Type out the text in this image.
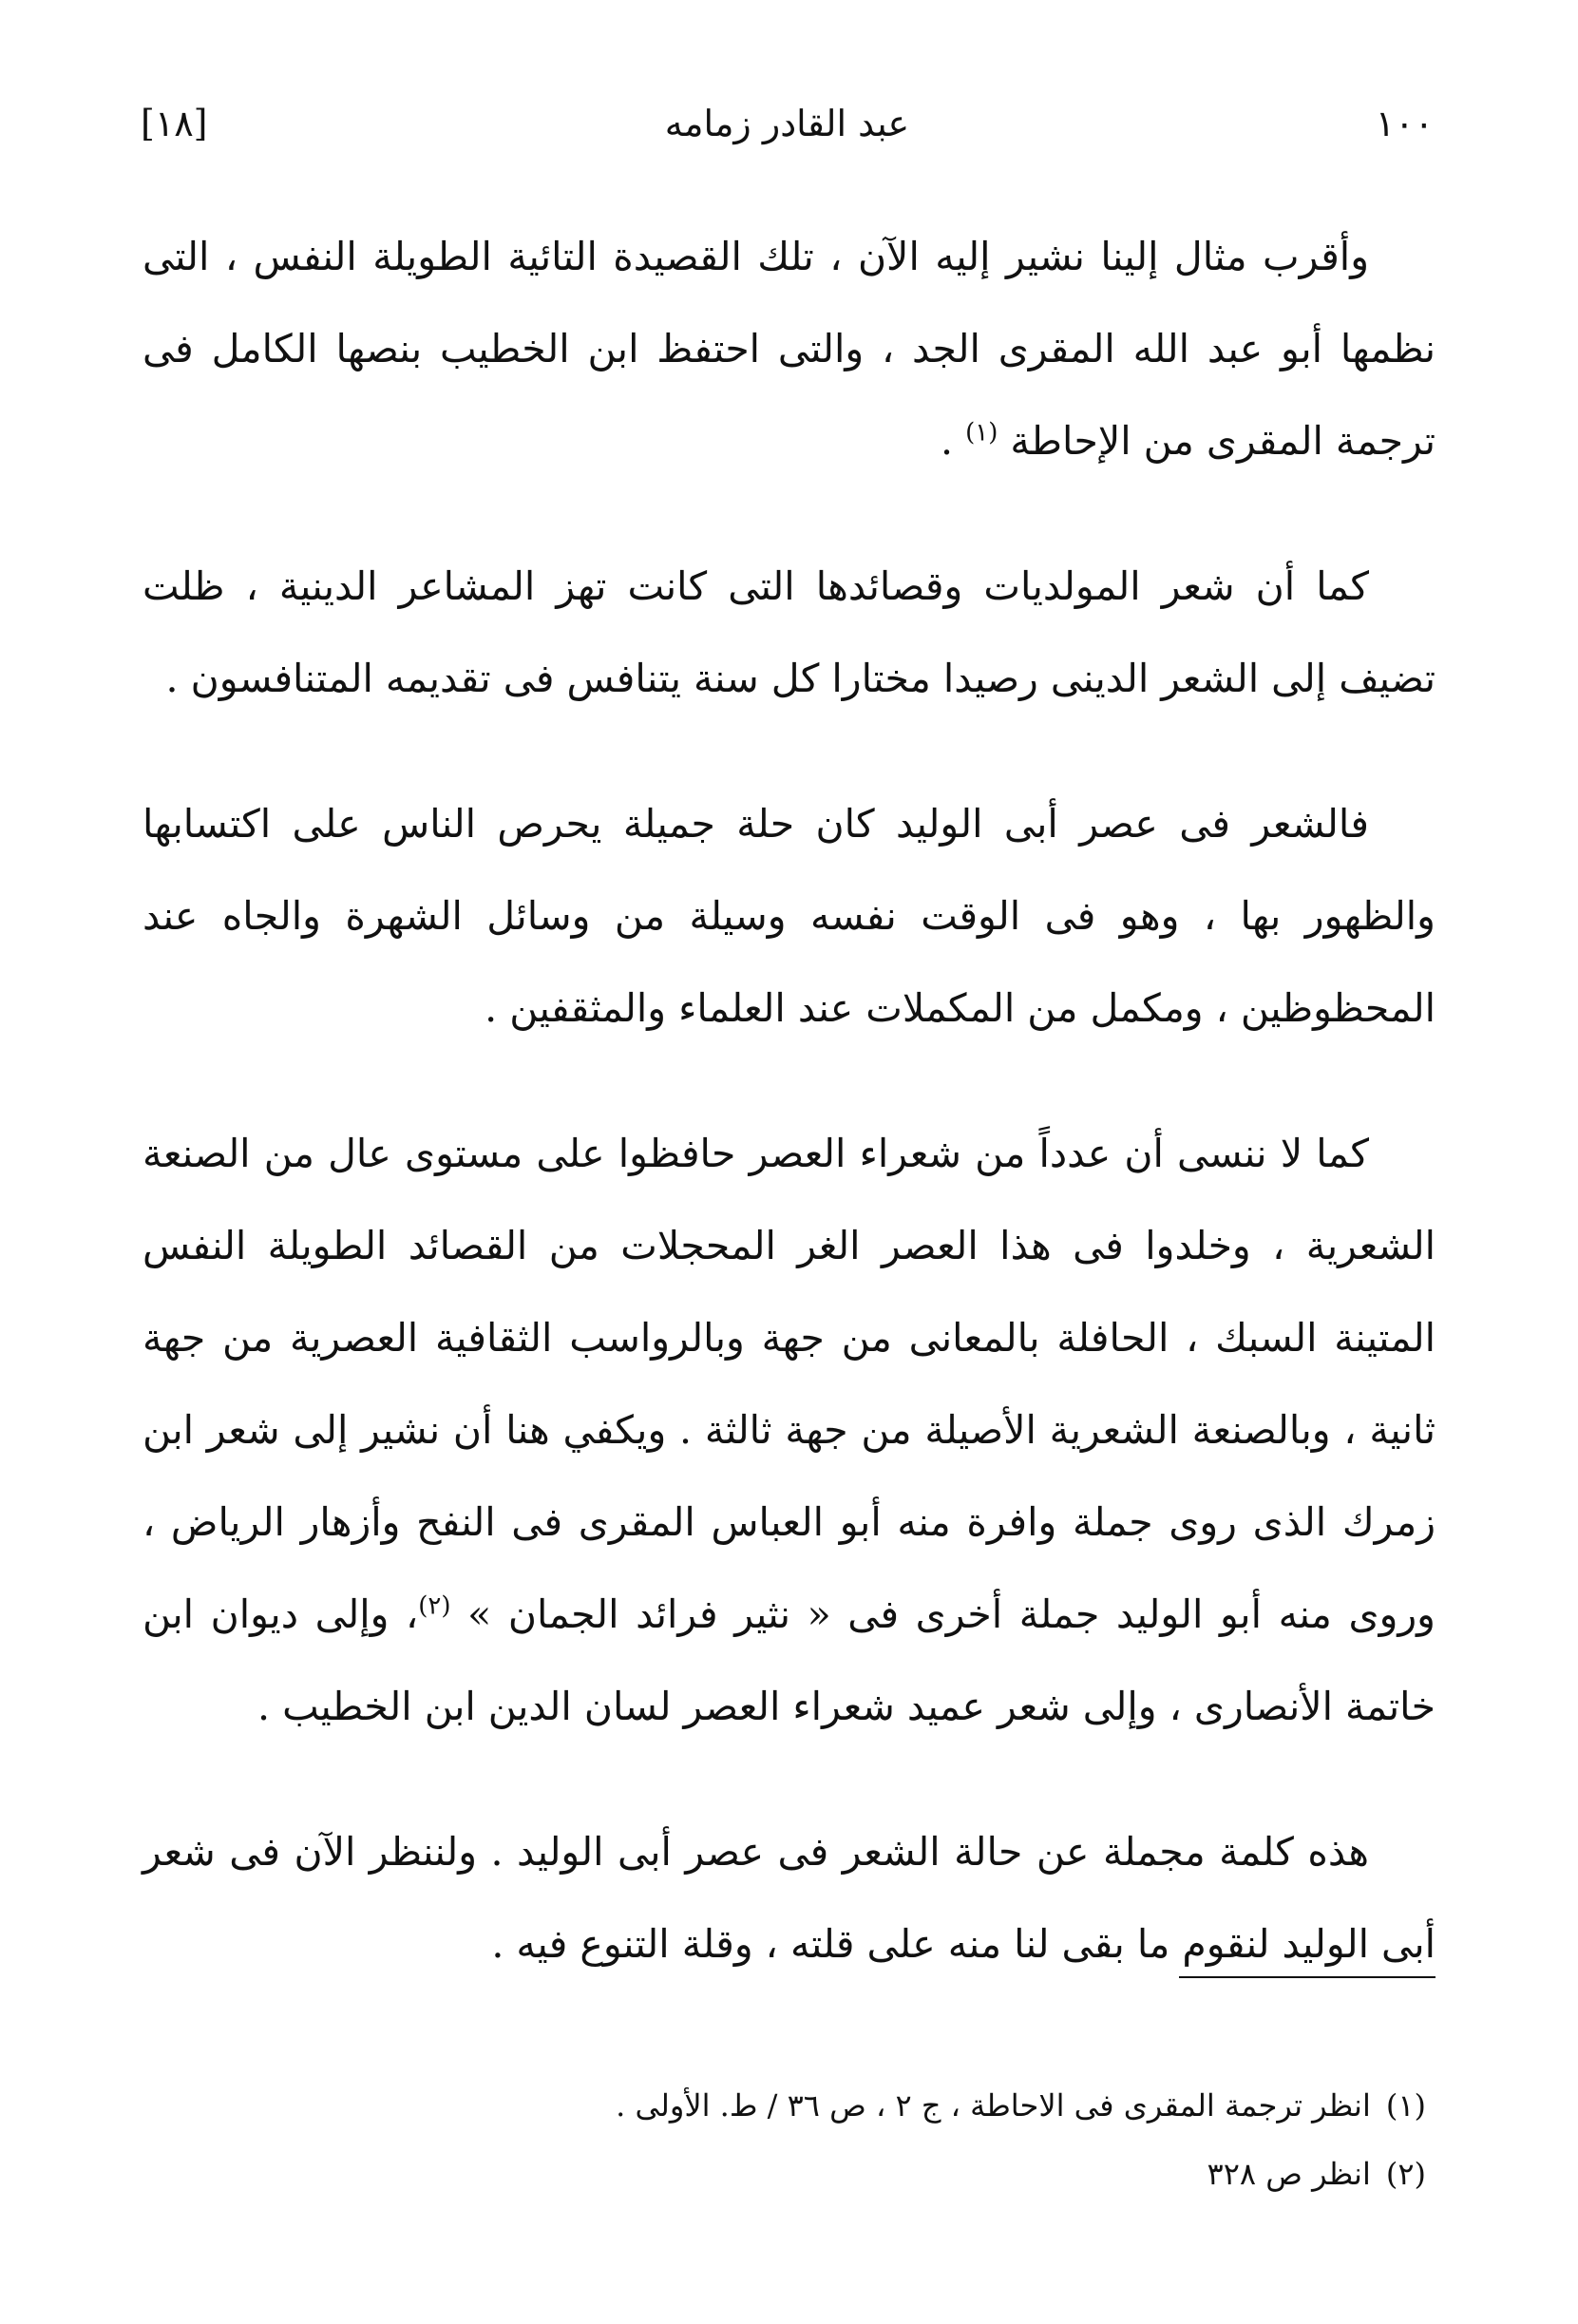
١٠٠
عبد القادر زمامه
[١٨]

وأقرب مثال إلينا نشير إليه الآن ، تلك القصيدة التائية الطويلة النفس ، التى نظمها أبو عبد الله المقرى الجد ، والتى احتفظ ابن الخطيب بنصها الكامل فى ترجمة المقرى من الإحاطة $^{(١)}$ .

كما أن شعر المولديات وقصائدها التى كانت تهز المشاعر الدينية ، ظلت تضيف إلى الشعر الدينى رصيدا مختارا كل سنة يتنافس فى تقديمه المتنافسون .

فالشعر فى عصر أبى الوليد كان حلة جميلة يحرص الناس على اكتسابها والظهور بها ، وهو فى الوقت نفسه وسيلة من وسائل الشهرة والجاه عند المحظوظين ، ومكمل من المكملات عند العلماء والمثقفين .

كما لا ننسى أن عدداً من شعراء العصر حافظوا على مستوى عال من الصنعة الشعرية ، وخلدوا فى هذا العصر الغر المحجلات من القصائد الطويلة النفس المتينة السبك ، الحافلة بالمعانى من جهة وبالرواسب الثقافية العصرية من جهة ثانية ، وبالصنعة الشعرية الأصيلة من جهة ثالثة . ويكفي هنا أن نشير إلى شعر ابن زمرك الذى روى جملة وافرة منه أبو العباس المقرى فى النفح وأزهار الرياض ، وروى منه أبو الوليد جملة أخرى فى « نثير فرائد الجمان » $^{(٢)}$، وإلى ديوان ابن خاتمة الأنصارى ، وإلى شعر عميد شعراء العصر لسان الدين ابن الخطيب .

هذه كلمة مجملة عن حالة الشعر فى عصر أبى الوليد . ولننظر الآن فى شعر أبى الوليد لنقوم ما بقى لنا منه على قلته ، وقلة التنوع فيه .

(١)انظر ترجمة المقرى فى الاحاطة ، ج ٢ ، ص ٣٦ / ط. الأولى .
(٢)انظر ص ٣٢٨
